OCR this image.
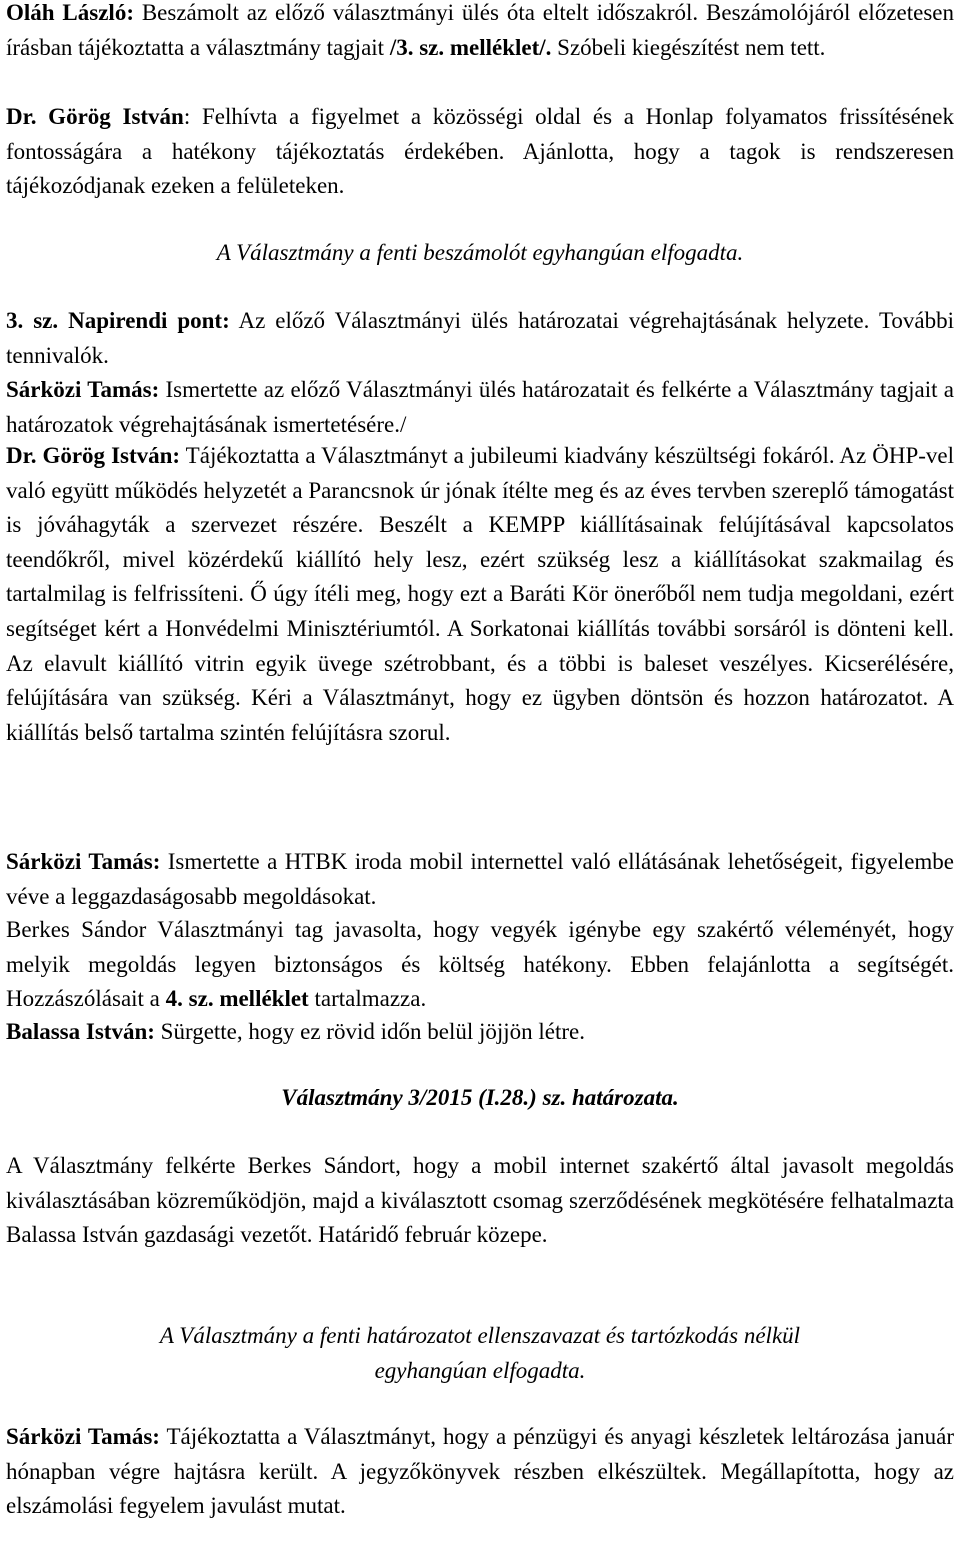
Oláh László: Beszámolt az előző választmányi ülés óta eltelt időszakról. Beszámolójáról előzetesen írásban tájékoztatta a választmány tagjait /3. sz. melléklet/. Szóbeli kiegészítést nem tett.

Dr. Görög István: Felhívta a figyelmet a közösségi oldal és a Honlap folyamatos frissítésének fontosságára a hatékony tájékoztatás érdekében. Ajánlotta, hogy a tagok is rendszeresen tájékozódjanak ezeken a felületeken.

A Választmány a fenti beszámolót egyhangúan elfogadta.

3. sz. Napirendi pont: Az előző Választmányi ülés határozatai végrehajtásának helyzete. További tennivalók.

Sárközi Tamás: Ismertette az előző Választmányi ülés határozatait és felkérte a Választmány tagjait a határozatok végrehajtásának ismertetésére./

Dr. Görög István: Tájékoztatta a Választmányt a jubileumi kiadvány készültségi fokáról. Az ÖHP-vel való együtt működés helyzetét a Parancsnok úr jónak ítélte meg és az éves tervben szereplő támogatást is jóváhagyták a szervezet részére. Beszélt a KEMPP kiállításainak felújításával kapcsolatos teendőkről, mivel közérdekű kiállító hely lesz, ezért szükség lesz a kiállításokat szakmailag és tartalmilag is felfrissíteni. Ő úgy ítéli meg, hogy ezt a Baráti Kör önerőből nem tudja megoldani, ezért segítséget kért a Honvédelmi Minisztériumtól. A Sorkatonai kiállítás további sorsáról is dönteni kell. Az elavult kiállító vitrin egyik üvege szétrobbant, és a többi is baleset veszélyes. Kicserélésére, felújítására van szükség. Kéri a Választmányt, hogy ez ügyben döntsön és hozzon határozatot. A kiállítás belső tartalma szintén felújításra szorul.

Sárközi Tamás: Ismertette a HTBK iroda mobil internettel való ellátásának lehetőségeit, figyelembe véve a leggazdaságosabb megoldásokat.

Berkes Sándor Választmányi tag javasolta, hogy vegyék igénybe egy szakértő véleményét, hogy melyik megoldás legyen biztonságos és költség hatékony. Ebben felajánlotta a segítségét. Hozzászólásait a 4. sz. melléklet tartalmazza.

Balassa István: Sürgette, hogy ez rövid időn belül jöjjön létre.

Választmány 3/2015 (I.28.) sz. határozata.

A Választmány felkérte Berkes Sándort, hogy a mobil internet szakértő által javasolt megoldás kiválasztásában közreműködjön, majd a kiválasztott csomag szerződésének megkötésére felhatalmazta Balassa István gazdasági vezetőt. Határidő február közepe.

A Választmány a fenti határozatot ellenszavazat és tartózkodás nélkül
egyhangúan elfogadta.

Sárközi Tamás: Tájékoztatta a Választmányt, hogy a pénzügyi és anyagi készletek leltározása január hónapban végre hajtásra került. A jegyzőkönyvek részben elkészültek. Megállapította, hogy az elszámolási fegyelem javulást mutat.
